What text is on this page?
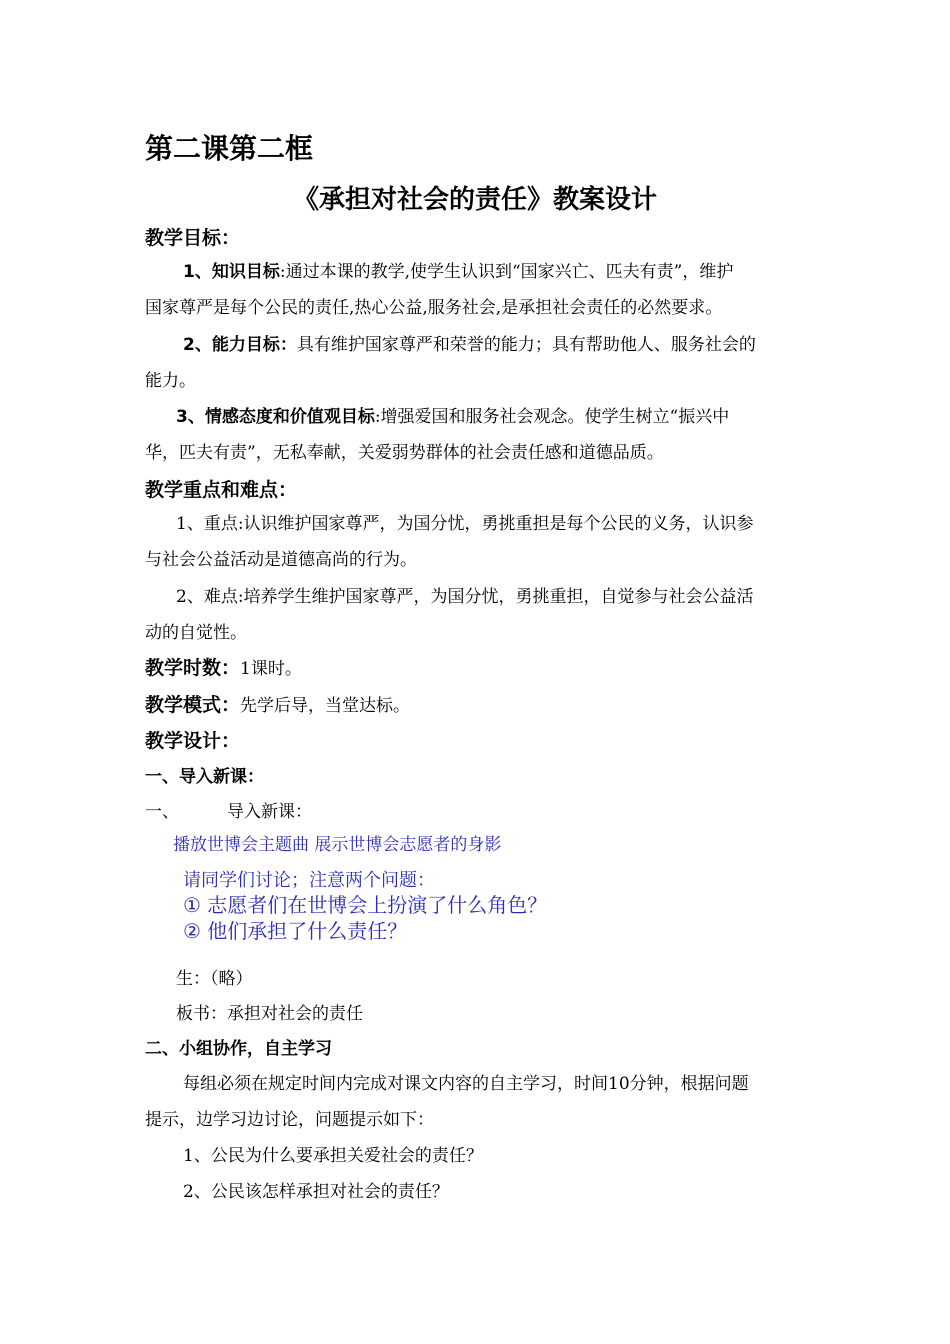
第二课第二框
《承担对社会的责任》教案设计
教学目标：
1、知识目标:通过本课的教学,使学生认识到“国家兴亡、匹夫有责”，维护
国家尊严是每个公民的责任,热心公益,服务社会,是承担社会责任的必然要求。
2、能力目标：具有维护国家尊严和荣誉的能力；具有帮助他人、服务社会的
能力。
3、情感态度和价值观目标:增强爱国和服务社会观念。使学生树立“振兴中
华，匹夫有责”，无私奉献，关爱弱势群体的社会责任感和道德品质。
教学重点和难点：
1、重点:认识维护国家尊严，为国分忧，勇挑重担是每个公民的义务，认识参
与社会公益活动是道德高尚的行为。
2、难点:培养学生维护国家尊严，为国分忧，勇挑重担，自觉参与社会公益活
动的自觉性。
教学时数：1课时。
教学模式：先学后导，当堂达标。
教学设计：
一、导入新课：
一、	导入新课：
播放世博会主题曲 展示世博会志愿者的身影
请同学们讨论；注意两个问题：
① 志愿者们在世博会上扮演了什么角色？
② 他们承担了什么责任？
生：（略）
板书：承担对社会的责任
二、小组协作，自主学习
每组必须在规定时间内完成对课文内容的自主学习，时间10分钟，根据问题
提示，边学习边讨论，问题提示如下：
1、公民为什么要承担关爱社会的责任？
2、公民该怎样承担对社会的责任？
